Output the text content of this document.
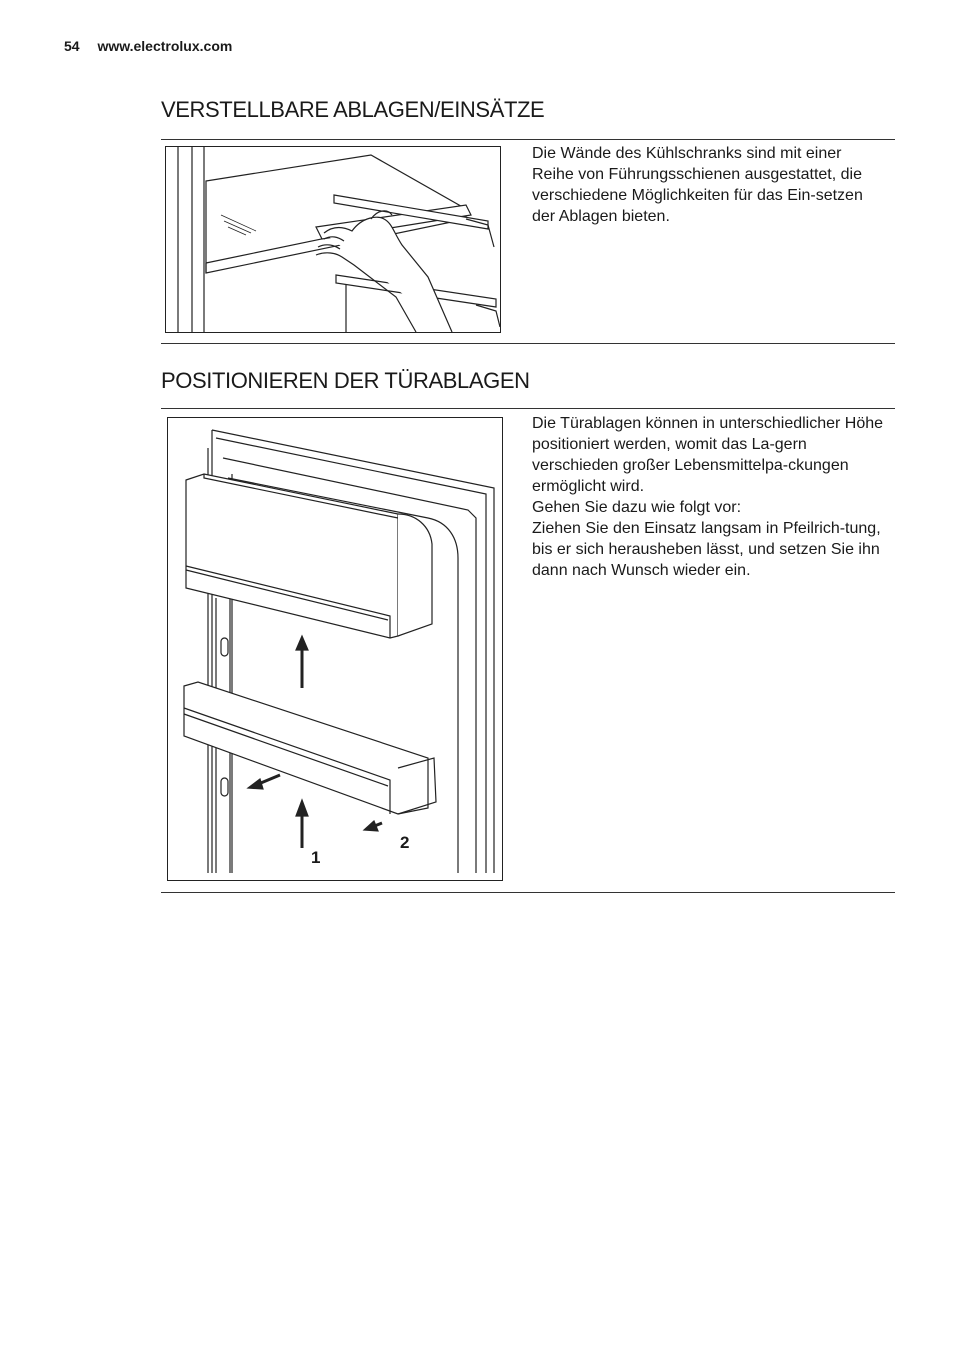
54 www.electrolux.com
VERSTELLBARE ABLAGEN/EINSÄTZE
Die Wände des Kühlschranks sind mit einer Reihe von Führungsschienen ausgestattet, die verschiedene Möglichkeiten für das Ein-setzen der Ablagen bieten.
POSITIONIEREN DER TÜRABLAGEN
1
2

Die Türablagen können in unterschiedlicher Höhe positioniert werden, womit das La-gern verschieden großer Lebensmittelpa-ckungen ermöglicht wird.

Gehen Sie dazu wie folgt vor:

Ziehen Sie den Einsatz langsam in Pfeilrich-tung, bis er sich herausheben lässt, und setzen Sie ihn dann nach Wunsch wieder ein.
